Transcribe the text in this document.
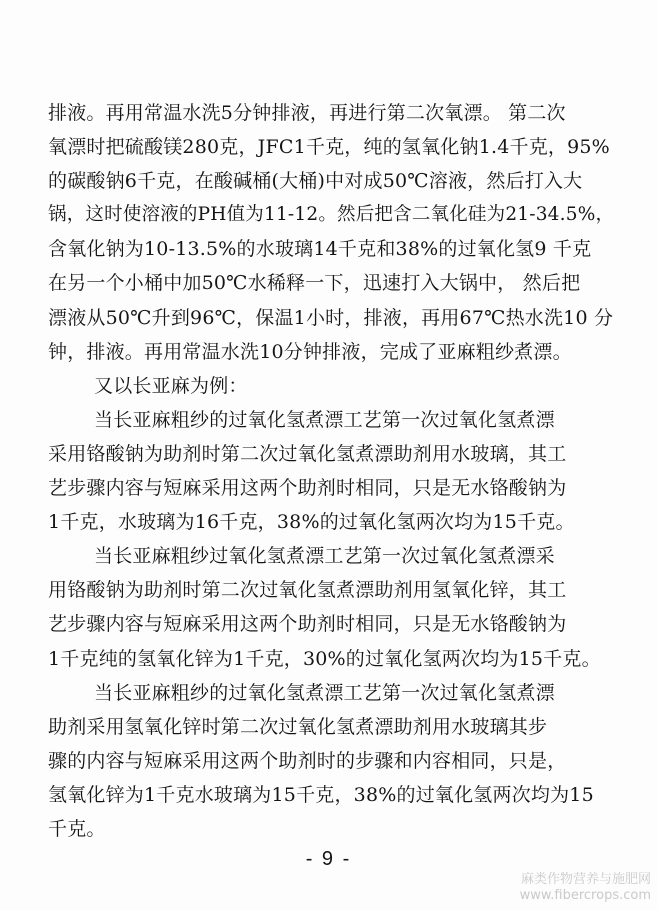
排液。再用常温水洗5分钟排液，再进行第二次氧漂。 第二次
氧漂时把硫酸镁280克，JFC1千克，纯的氢氧化钠1.4千克，95%
的碳酸钠6千克，在酸碱桶(大桶)中对成50℃溶液，然后打入大
锅，这时使溶液的PH值为11-12。然后把含二氧化硅为21-34.5%，
含氧化钠为10-13.5%的水玻璃14千克和38%的过氧化氢9 千克
在另一个小桶中加50℃水稀释一下，迅速打入大锅中， 然后把
漂液从50℃升到96℃，保温1小时，排液，再用67℃热水洗10 分
钟，排液。再用常温水洗10分钟排液，完成了亚麻粗纱煮漂。
又以长亚麻为例：
当长亚麻粗纱的过氧化氢煮漂工艺第一次过氧化氢煮漂
采用铬酸钠为助剂时第二次过氧化氢煮漂助剂用水玻璃，其工
艺步骤内容与短麻采用这两个助剂时相同，只是无水铬酸钠为
1千克，水玻璃为16千克，38%的过氧化氢两次均为15千克。
当长亚麻粗纱过氧化氢煮漂工艺第一次过氧化氢煮漂采
用铬酸钠为助剂时第二次过氧化氢煮漂助剂用氢氧化锌，其工
艺步骤内容与短麻采用这两个助剂时相同，只是无水铬酸钠为
1千克纯的氢氧化锌为1千克，30%的过氧化氢两次均为15千克。
当长亚麻粗纱的过氧化氢煮漂工艺第一次过氧化氢煮漂
助剂采用氢氧化锌时第二次过氧化氢煮漂助剂用水玻璃其步
骤的内容与短麻采用这两个助剂时的步骤和内容相同，只是，
氢氧化锌为1千克水玻璃为15千克，38%的过氧化氢两次均为15
千克。
- 9 -
麻类作物营养与施肥网
www.fibercrops.com
